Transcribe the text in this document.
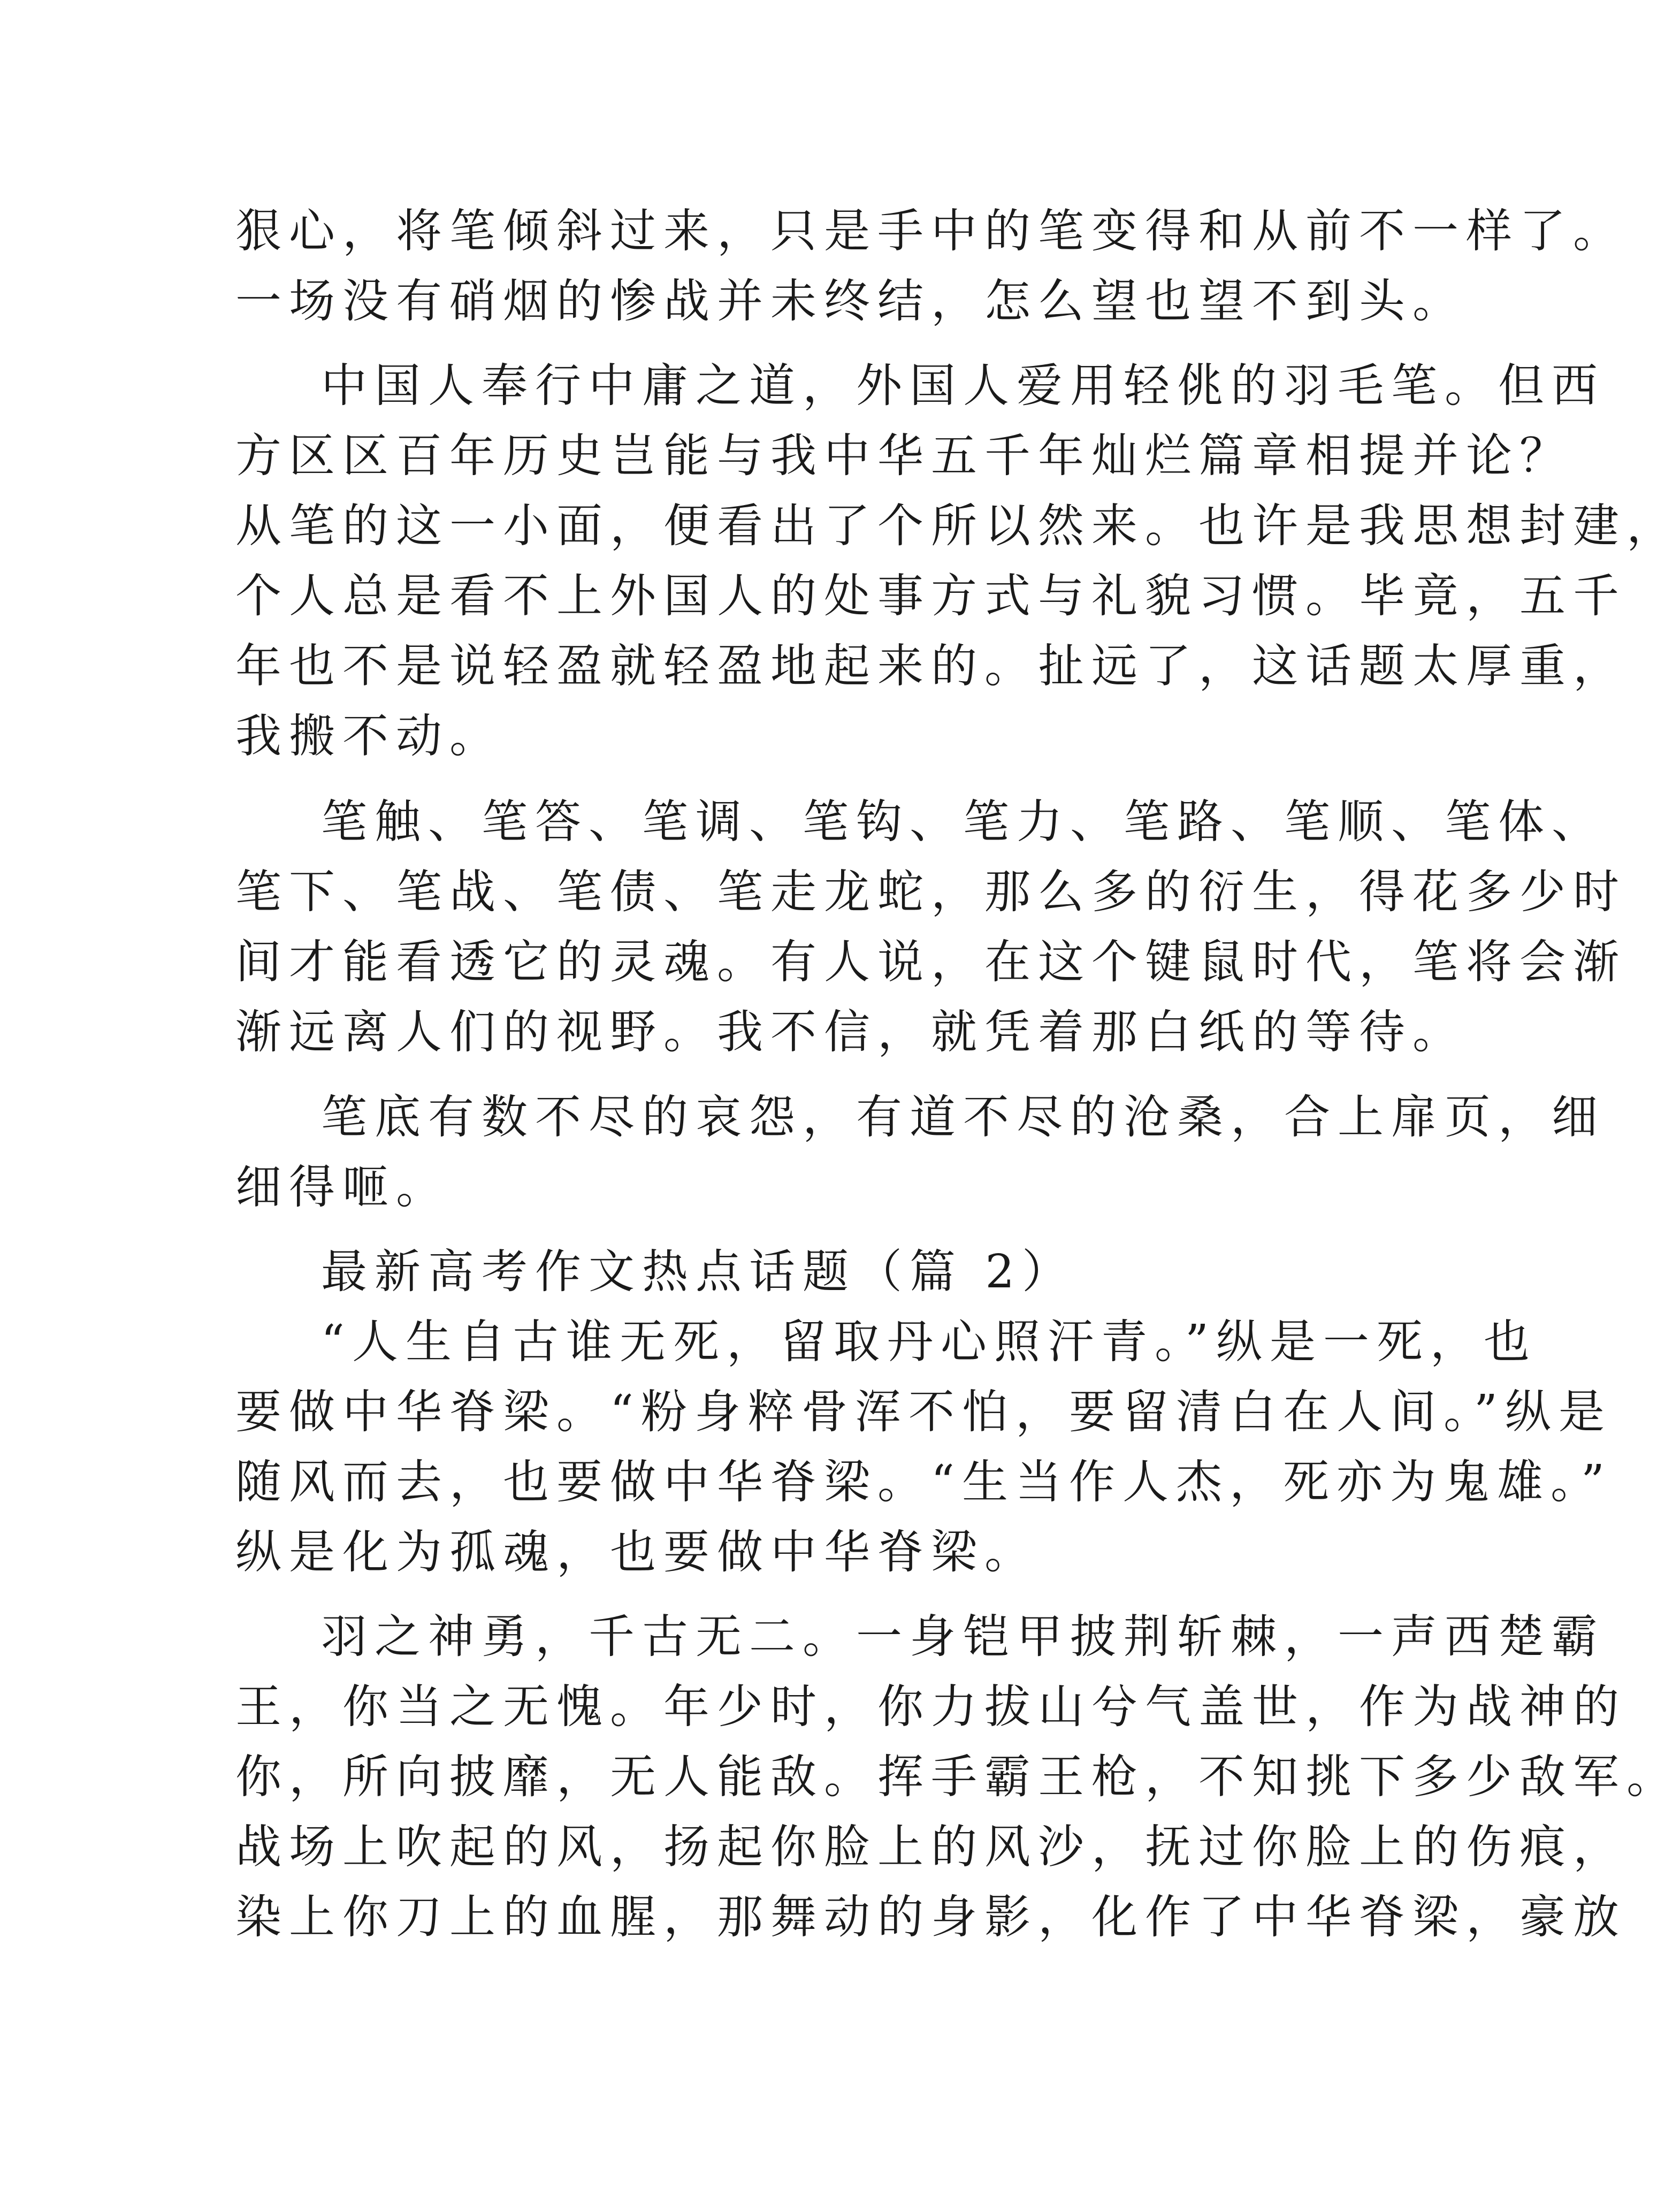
狠心，将笔倾斜过来，只是手中的笔变得和从前不一样了。
一场没有硝烟的惨战并未终结，怎么望也望不到头。
中国人奉行中庸之道，外国人爱用轻佻的羽毛笔。但西
方区区百年历史岂能与我中华五千年灿烂篇章相提并论？
从笔的这一小面，便看出了个所以然来。也许是我思想封建，
个人总是看不上外国人的处事方式与礼貌习惯。毕竟，五千
年也不是说轻盈就轻盈地起来的。扯远了，这话题太厚重，
我搬不动。
笔触、笔答、笔调、笔钩、笔力、笔路、笔顺、笔体、
笔下、笔战、笔债、笔走龙蛇，那么多的衍生，得花多少时
间才能看透它的灵魂。有人说，在这个键鼠时代，笔将会渐
渐远离人们的视野。我不信，就凭着那白纸的等待。
笔底有数不尽的哀怨，有道不尽的沧桑，合上扉页，细
细得咂。
最新高考作文热点话题（篇 2）
“人生自古谁无死，留取丹心照汗青。”纵是一死，也
要做中华脊梁。“粉身粹骨浑不怕，要留清白在人间。”纵是
随风而去，也要做中华脊梁。“生当作人杰，死亦为鬼雄。”
纵是化为孤魂，也要做中华脊梁。
羽之神勇，千古无二。一身铠甲披荆斩棘，一声西楚霸
王，你当之无愧。年少时，你力拔山兮气盖世，作为战神的
你，所向披靡，无人能敌。挥手霸王枪，不知挑下多少敌军。
战场上吹起的风，扬起你脸上的风沙，抚过你脸上的伤痕，
染上你刀上的血腥，那舞动的身影，化作了中华脊梁，豪放
